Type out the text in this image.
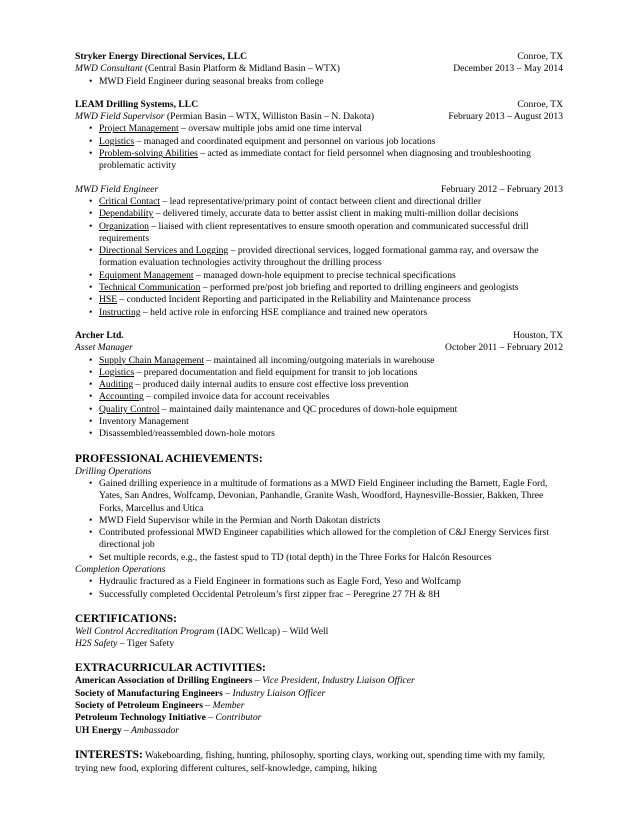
Stryker Energy Directional Services, LLC	Conroe, TX
MWD Consultant (Central Basin Platform & Midland Basin – WTX)	December 2013 – May 2014
• MWD Field Engineer during seasonal breaks from college
LEAM Drilling Systems, LLC	Conroe, TX
MWD Field Supervisor (Permian Basin – WTX, Williston Basin – N. Dakota)	February 2013 – August 2013
• Project Management – oversaw multiple jobs amid one time interval
• Logistics – managed and coordinated equipment and personnel on various job locations
• Problem-solving Abilities – acted as immediate contact for field personnel when diagnosing and troubleshooting problematic activity
MWD Field Engineer	February 2012 – February 2013
• Critical Contact – lead representative/primary point of contact between client and directional driller
• Dependability – delivered timely, accurate data to better assist client in making multi-million dollar decisions
• Organization – liaised with client representatives to ensure smooth operation and communicated successful drill requirements
• Directional Services and Logging – provided directional services, logged formational gamma ray, and oversaw the formation evaluation technologies activity throughout the drilling process
• Equipment Management – managed down-hole equipment to precise technical specifications
• Technical Communication – performed pre/post job briefing and reported to drilling engineers and geologists
• HSE – conducted Incident Reporting and participated in the Reliability and Maintenance process
• Instructing – held active role in enforcing HSE compliance and trained new operators
Archer Ltd.	Houston, TX
Asset Manager	October 2011 – February 2012
• Supply Chain Management – maintained all incoming/outgoing materials in warehouse
• Logistics – prepared documentation and field equipment for transit to job locations
• Auditing – produced daily internal audits to ensure cost effective loss prevention
• Accounting – compiled invoice data for account receivables
• Quality Control – maintained daily maintenance and QC procedures of down-hole equipment
• Inventory Management
• Disassembled/reassembled down-hole motors
PROFESSIONAL ACHIEVEMENTS:
Drilling Operations
• Gained drilling experience in a multitude of formations as a MWD Field Engineer including the Barnett, Eagle Ford, Yates, San Andres, Wolfcamp, Devonian, Panhandle, Granite Wash, Woodford, Haynesville-Bossier, Bakken, Three Forks, Marcellus and Utica
• MWD Field Supervisor while in the Permian and North Dakotan districts
• Contributed professional MWD Engineer capabilities which allowed for the completion of C&J Energy Services first directional job
• Set multiple records, e.g., the fastest spud to TD (total depth) in the Three Forks for Halcón Resources
Completion Operations
• Hydraulic fractured as a Field Engineer in formations such as Eagle Ford, Yeso and Wolfcamp
• Successfully completed Occidental Petroleum’s first zipper frac – Peregrine 27 7H & 8H
CERTIFICATIONS:
Well Control Accreditation Program (IADC Wellcap) – Wild Well
H2S Safety – Tiger Safety
EXTRACURRICULAR ACTIVITIES:
American Association of Drilling Engineers – Vice President, Industry Liaison Officer
Society of Manufacturing Engineers – Industry Liaison Officer
Society of Petroleum Engineers – Member
Petroleum Technology Initiative – Contributor
UH Energy – Ambassador
INTERESTS: Wakeboarding, fishing, hunting, philosophy, sporting clays, working out, spending time with my family, trying new food, exploring different cultures, self-knowledge, camping, hiking
